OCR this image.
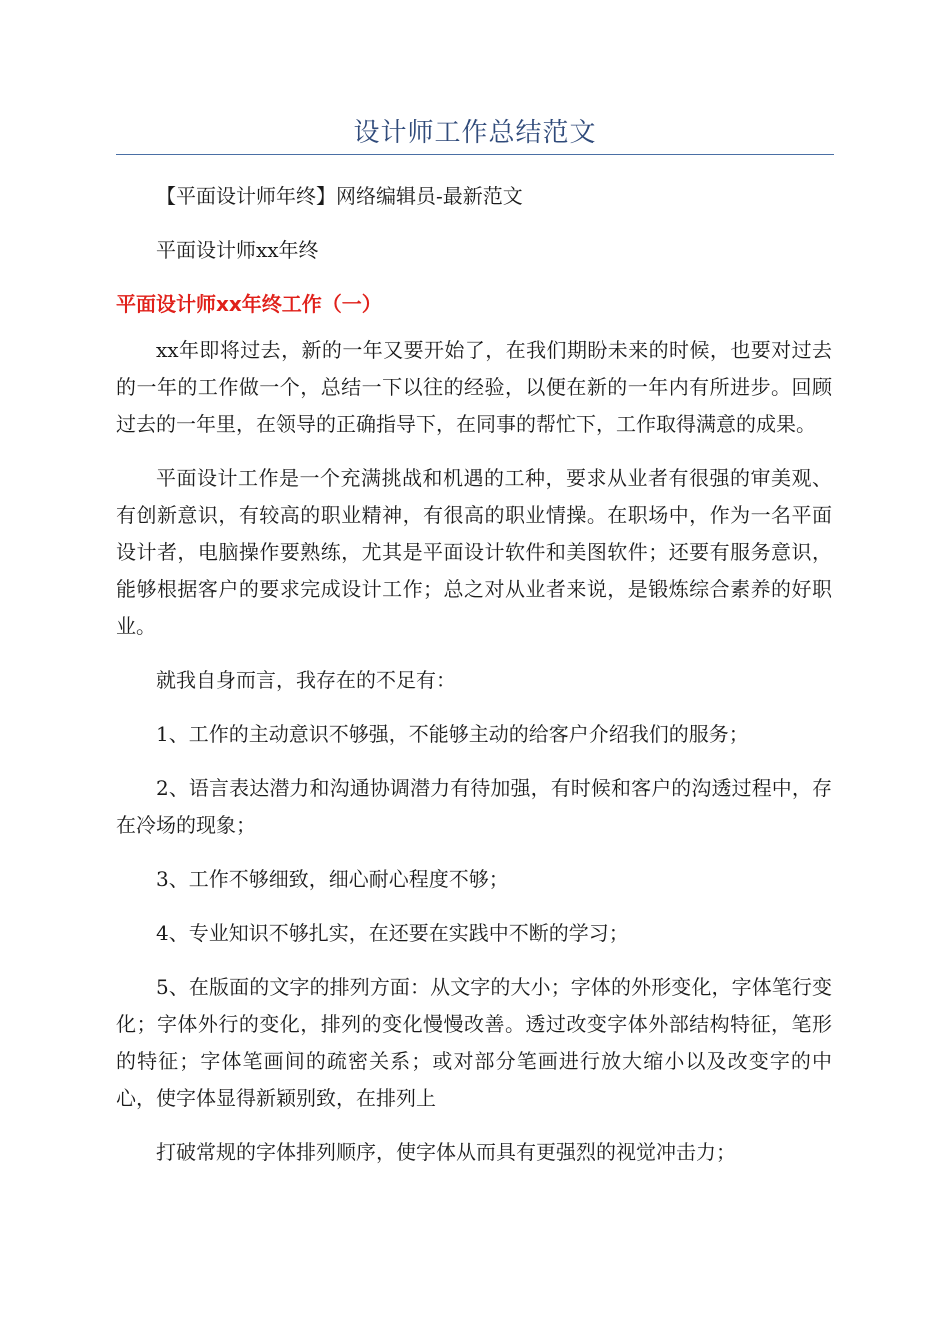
设计师工作总结范文

【平面设计师年终】网络编辑员-最新范文

平面设计师xx年终

平面设计师xx年终工作（一）

xx年即将过去，新的一年又要开始了，在我们期盼未来的时候，也要对过去的一年的工作做一个，总结一下以往的经验，以便在新的一年内有所进步。回顾过去的一年里，在领导的正确指导下，在同事的帮忙下，工作取得满意的成果。

平面设计工作是一个充满挑战和机遇的工种，要求从业者有很强的审美观、有创新意识，有较高的职业精神，有很高的职业情操。在职场中，作为一名平面设计者，电脑操作要熟练，尤其是平面设计软件和美图软件；还要有服务意识，能够根据客户的要求完成设计工作；总之对从业者来说，是锻炼综合素养的好职业。

就我自身而言，我存在的不足有：

1、工作的主动意识不够强，不能够主动的给客户介绍我们的服务；

2、语言表达潜力和沟通协调潜力有待加强，有时候和客户的沟透过程中，存在冷场的现象；

3、工作不够细致，细心耐心程度不够；

4、专业知识不够扎实，在还要在实践中不断的学习；

5、在版面的文字的排列方面：从文字的大小；字体的外形变化，字体笔行变化；字体外行的变化，排列的变化慢慢改善。透过改变字体外部结构特征，笔形的特征；字体笔画间的疏密关系；或对部分笔画进行放大缩小以及改变字的中心，使字体显得新颖别致，在排列上

打破常规的字体排列顺序，使字体从而具有更强烈的视觉冲击力；
